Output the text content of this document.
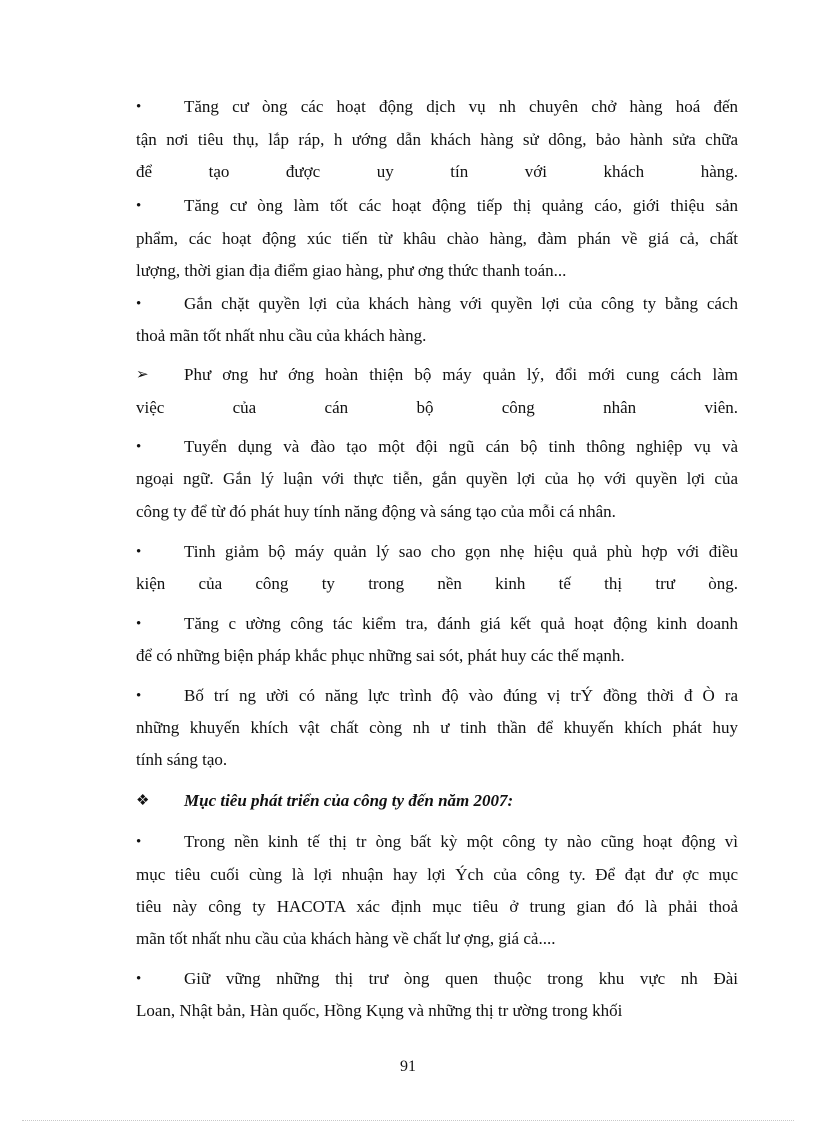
•	Tăng cư òng các hoạt động dịch vụ nh chuyên chở hàng hoá đến
tận nơi tiêu thụ, lắp ráp, h ướng dẫn khách hàng sử dông, bảo hành sửa chữa
để tạo được uy tín với khách hàng.
•	Tăng cư òng làm tốt các hoạt động tiếp thị quảng cáo, giới thiệu sản
phẩm, các hoạt động xúc tiến từ khâu chào hàng, đàm phán về giá cả, chất
lượng, thời gian địa điểm giao hàng, phư ơng thức thanh toán...
•	Gắn chặt quyền lợi của khách hàng với quyền lợi của công ty bằng cách
thoả mãn tốt nhất nhu cầu của khách hàng.
➢	Phư ơng hư ớng hoàn thiện bộ máy quản lý, đổi mới cung cách làm
việc của cán bộ công nhân viên.
•	Tuyển dụng và đào tạo một đội ngũ cán bộ tinh thông nghiệp vụ và
ngoại ngữ. Gắn lý luận với thực tiễn, gắn quyền lợi của họ với quyền lợi của
công ty để từ đó phát huy tính năng động và sáng tạo của mỗi cá nhân.
•	Tinh giảm bộ máy quản lý sao cho gọn nhẹ hiệu quả phù hợp với điều
kiện của công ty trong nền kinh tế thị trư òng.
•	Tăng c ường công tác kiểm tra, đánh giá kết quả hoạt động kinh doanh
để có những biện pháp khắc phục những sai sót, phát huy các thế mạnh.
•	Bố trí ng ười có năng lực trình độ vào đúng vị trÝ đồng thời đ Ò ra
những khuyến khích vật chất còng nh ư tinh thần để khuyến khích phát huy
tính sáng tạo.
❖	Mục tiêu phát triển của công ty đến năm 2007:
•	Trong nền kinh tế thị tr òng bất kỳ một công ty nào cũng hoạt động vì
mục tiêu cuối cùng là lợi nhuận hay lợi Ých của công ty. Để đạt đư ợc mục
tiêu này công ty HACOTA xác định mục tiêu ở trung gian đó là phải thoả
mãn tốt nhất nhu cầu của khách hàng về chất lư ợng, giá cả....
•	Giữ vững những thị trư òng quen thuộc trong khu vực nh Đài
Loan, Nhật bản, Hàn quốc, Hồng Kụng và những thị tr ường trong khối
91
